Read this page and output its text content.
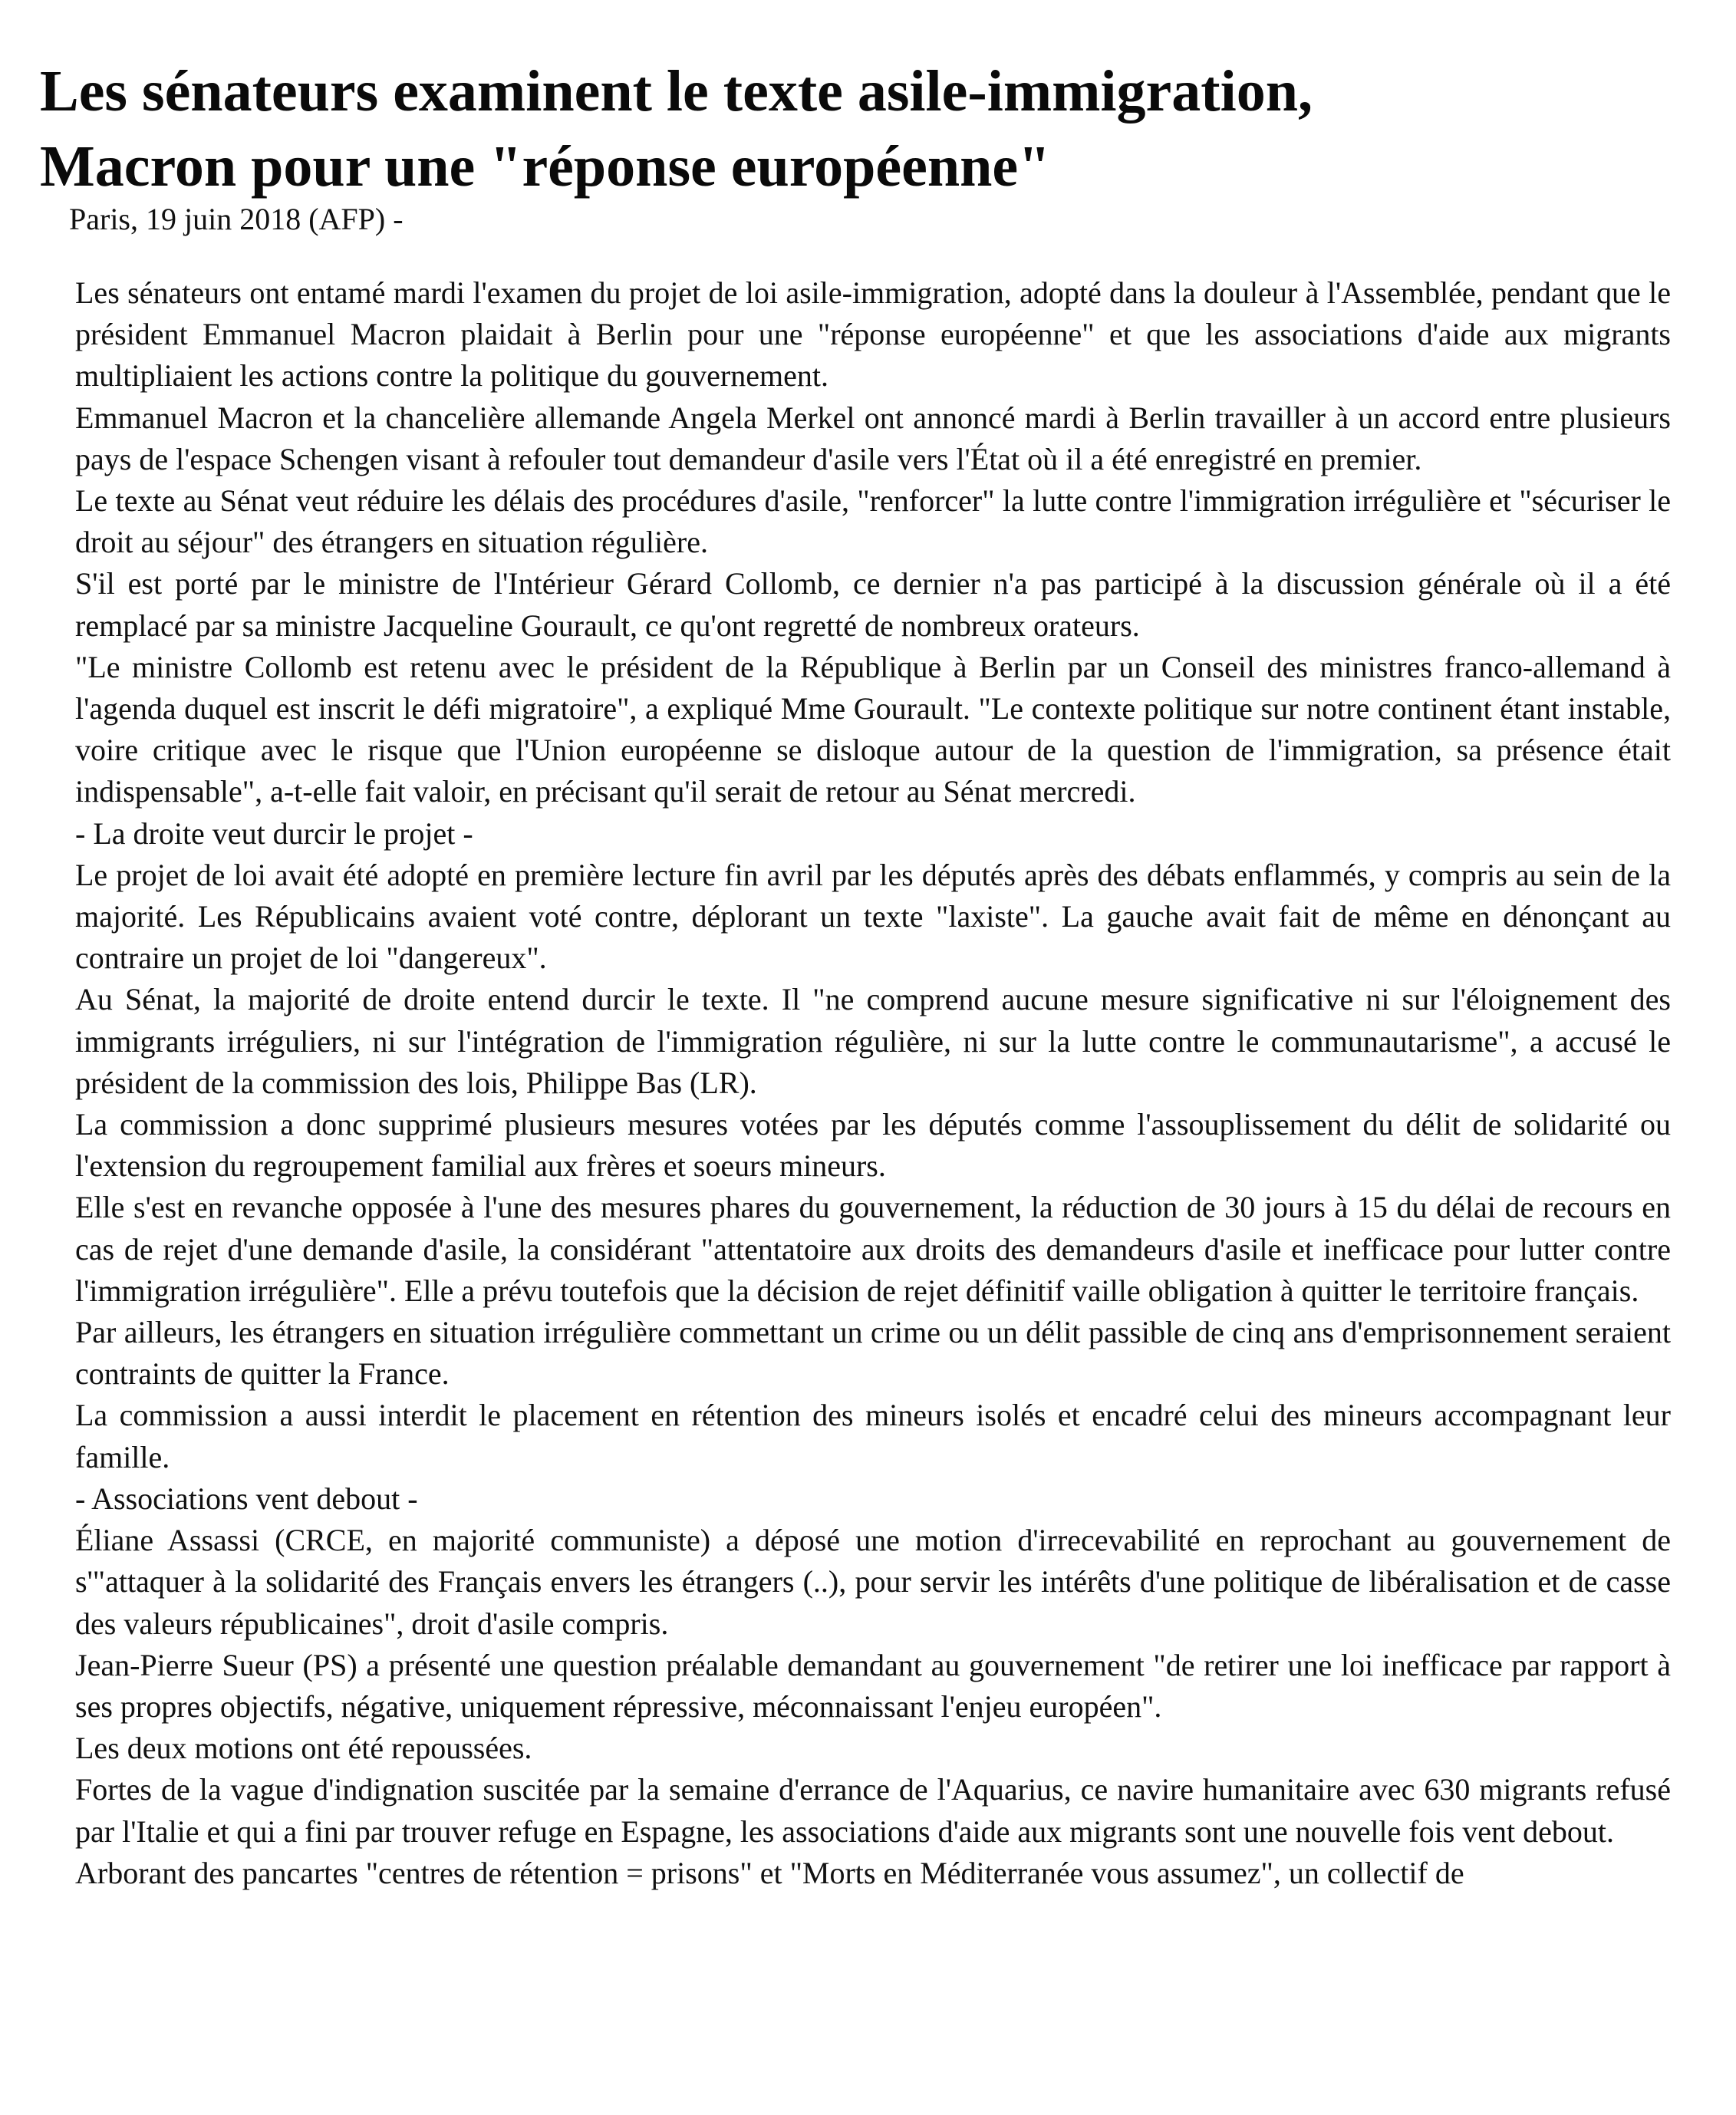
Les sénateurs examinent le texte asile-immigration,
Macron pour une "réponse européenne"
Paris, 19 juin 2018 (AFP) -

Les sénateurs ont entamé mardi l'examen du projet de loi asile-immigration, adopté dans la douleur à l'Assemblée, pendant que le président Emmanuel Macron plaidait à Berlin pour une "réponse européenne" et que les associations d'aide aux migrants multipliaient les actions contre la politique du gouvernement.

Emmanuel Macron et la chancelière allemande Angela Merkel ont annoncé mardi à Berlin travailler à un accord entre plusieurs pays de l'espace Schengen visant à refouler tout demandeur d'asile vers l'État où il a été enregistré en premier.

Le texte au Sénat veut réduire les délais des procédures d'asile, "renforcer" la lutte contre l'immigration irrégulière et "sécuriser le droit au séjour" des étrangers en situation régulière.

S'il est porté par le ministre de l'Intérieur Gérard Collomb, ce dernier n'a pas participé à la discussion générale où il a été remplacé par sa ministre Jacqueline Gourault, ce qu'ont regretté de nombreux orateurs.

"Le ministre Collomb est retenu avec le président de la République à Berlin par un Conseil des ministres franco-allemand à l'agenda duquel est inscrit le défi migratoire", a expliqué Mme Gourault. "Le contexte politique sur notre continent étant instable, voire critique avec le risque que l'Union européenne se disloque autour de la question de l'immigration, sa présence était indispensable", a-t-elle fait valoir, en précisant qu'il serait de retour au Sénat mercredi.

- La droite veut durcir le projet -

Le projet de loi avait été adopté en première lecture fin avril par les députés après des débats enflammés, y compris au sein de la majorité. Les Républicains avaient voté contre, déplorant un texte "laxiste". La gauche avait fait de même en dénonçant au contraire un projet de loi "dangereux".

Au Sénat, la majorité de droite entend durcir le texte. Il "ne comprend aucune mesure significative ni sur l'éloignement des immigrants irréguliers, ni sur l'intégration de l'immigration régulière, ni sur la lutte contre le communautarisme", a accusé le président de la commission des lois, Philippe Bas (LR).

La commission a donc supprimé plusieurs mesures votées par les députés comme l'assouplissement du délit de solidarité ou l'extension du regroupement familial aux frères et soeurs mineurs.

Elle s'est en revanche opposée à l'une des mesures phares du gouvernement, la réduction de 30 jours à 15 du délai de recours en cas de rejet d'une demande d'asile, la considérant "attentatoire aux droits des demandeurs d'asile et inefficace pour lutter contre l'immigration irrégulière". Elle a prévu toutefois que la décision de rejet définitif vaille obligation à quitter le territoire français.

Par ailleurs, les étrangers en situation irrégulière commettant un crime ou un délit passible de cinq ans d'emprisonnement seraient contraints de quitter la France.

La commission a aussi interdit le placement en rétention des mineurs isolés et encadré celui des mineurs accompagnant leur famille.

- Associations vent debout -

Éliane Assassi (CRCE, en majorité communiste) a déposé une motion d'irrecevabilité en reprochant au gouvernement de s'"attaquer à la solidarité des Français envers les étrangers (..), pour servir les intérêts d'une politique de libéralisation et de casse des valeurs républicaines", droit d'asile compris.

Jean-Pierre Sueur (PS) a présenté une question préalable demandant au gouvernement "de retirer une loi inefficace par rapport à ses propres objectifs, négative, uniquement répressive, méconnaissant l'enjeu européen".

Les deux motions ont été repoussées.

Fortes de la vague d'indignation suscitée par la semaine d'errance de l'Aquarius, ce navire humanitaire avec 630 migrants refusé par l'Italie et qui a fini par trouver refuge en Espagne, les associations d'aide aux migrants sont une nouvelle fois vent debout.

Arborant des pancartes "centres de rétention = prisons" et "Morts en Méditerranée vous assumez", un collectif de
